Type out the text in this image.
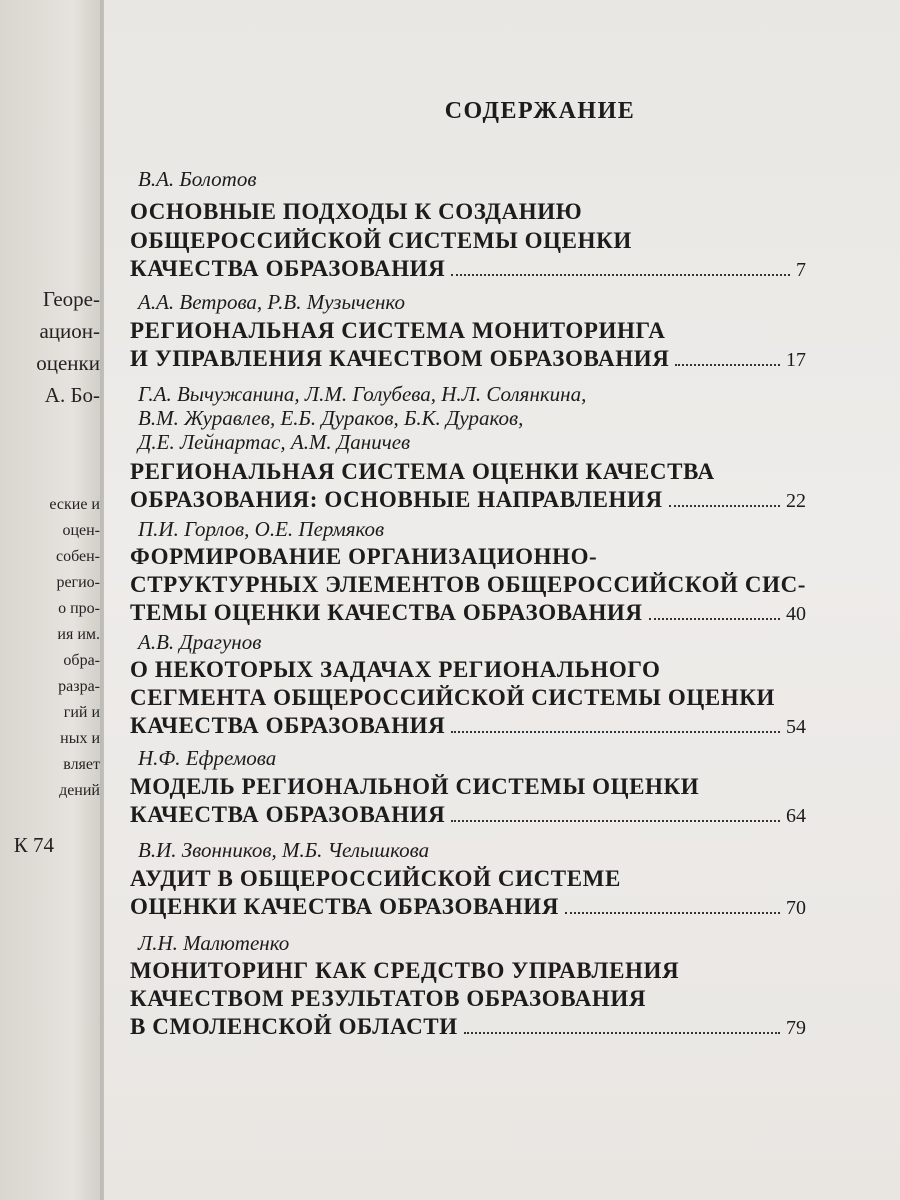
Георе-
ацион-
оценки
А. Бо-
еские и
оцен-
собен-
регио-
о про-
ия им.
обра-
разра-
гий и
ных и
вляет
дений
К 74
СОДЕРЖАНИЕ
В.А. Болотов
ОСНОВНЫЕ ПОДХОДЫ К СОЗДАНИЮ
ОБЩЕРОССИЙСКОЙ СИСТЕМЫ ОЦЕНКИ
КАЧЕСТВА ОБРАЗОВАНИЯ	7
А.А. Ветрова, Р.В. Музыченко
РЕГИОНАЛЬНАЯ СИСТЕМА МОНИТОРИНГА
И УПРАВЛЕНИЯ КАЧЕСТВОМ ОБРАЗОВАНИЯ	17
Г.А. Вычужанина, Л.М. Голубева, Н.Л. Солянкина,
В.М. Журавлев, Е.Б. Дураков, Б.К. Дураков,
Д.Е. Лейнартас, А.М. Даничев
РЕГИОНАЛЬНАЯ СИСТЕМА ОЦЕНКИ КАЧЕСТВА
ОБРАЗОВАНИЯ: ОСНОВНЫЕ НАПРАВЛЕНИЯ	22
П.И. Горлов, О.Е. Пермяков
ФОРМИРОВАНИЕ ОРГАНИЗАЦИОННО-
СТРУКТУРНЫХ ЭЛЕМЕНТОВ ОБЩЕРОССИЙСКОЙ СИС-
ТЕМЫ ОЦЕНКИ КАЧЕСТВА ОБРАЗОВАНИЯ	40
А.В. Драгунов
О НЕКОТОРЫХ ЗАДАЧАХ РЕГИОНАЛЬНОГО
СЕГМЕНТА ОБЩЕРОССИЙСКОЙ СИСТЕМЫ ОЦЕНКИ
КАЧЕСТВА ОБРАЗОВАНИЯ	54
Н.Ф. Ефремова
МОДЕЛЬ РЕГИОНАЛЬНОЙ СИСТЕМЫ ОЦЕНКИ
КАЧЕСТВА ОБРАЗОВАНИЯ	64
В.И. Звонников, М.Б. Челышкова
АУДИТ В ОБЩЕРОССИЙСКОЙ СИСТЕМЕ
ОЦЕНКИ КАЧЕСТВА ОБРАЗОВАНИЯ	70
Л.Н. Малютенко
МОНИТОРИНГ КАК СРЕДСТВО УПРАВЛЕНИЯ
КАЧЕСТВОМ РЕЗУЛЬТАТОВ ОБРАЗОВАНИЯ
В СМОЛЕНСКОЙ ОБЛАСТИ	79
